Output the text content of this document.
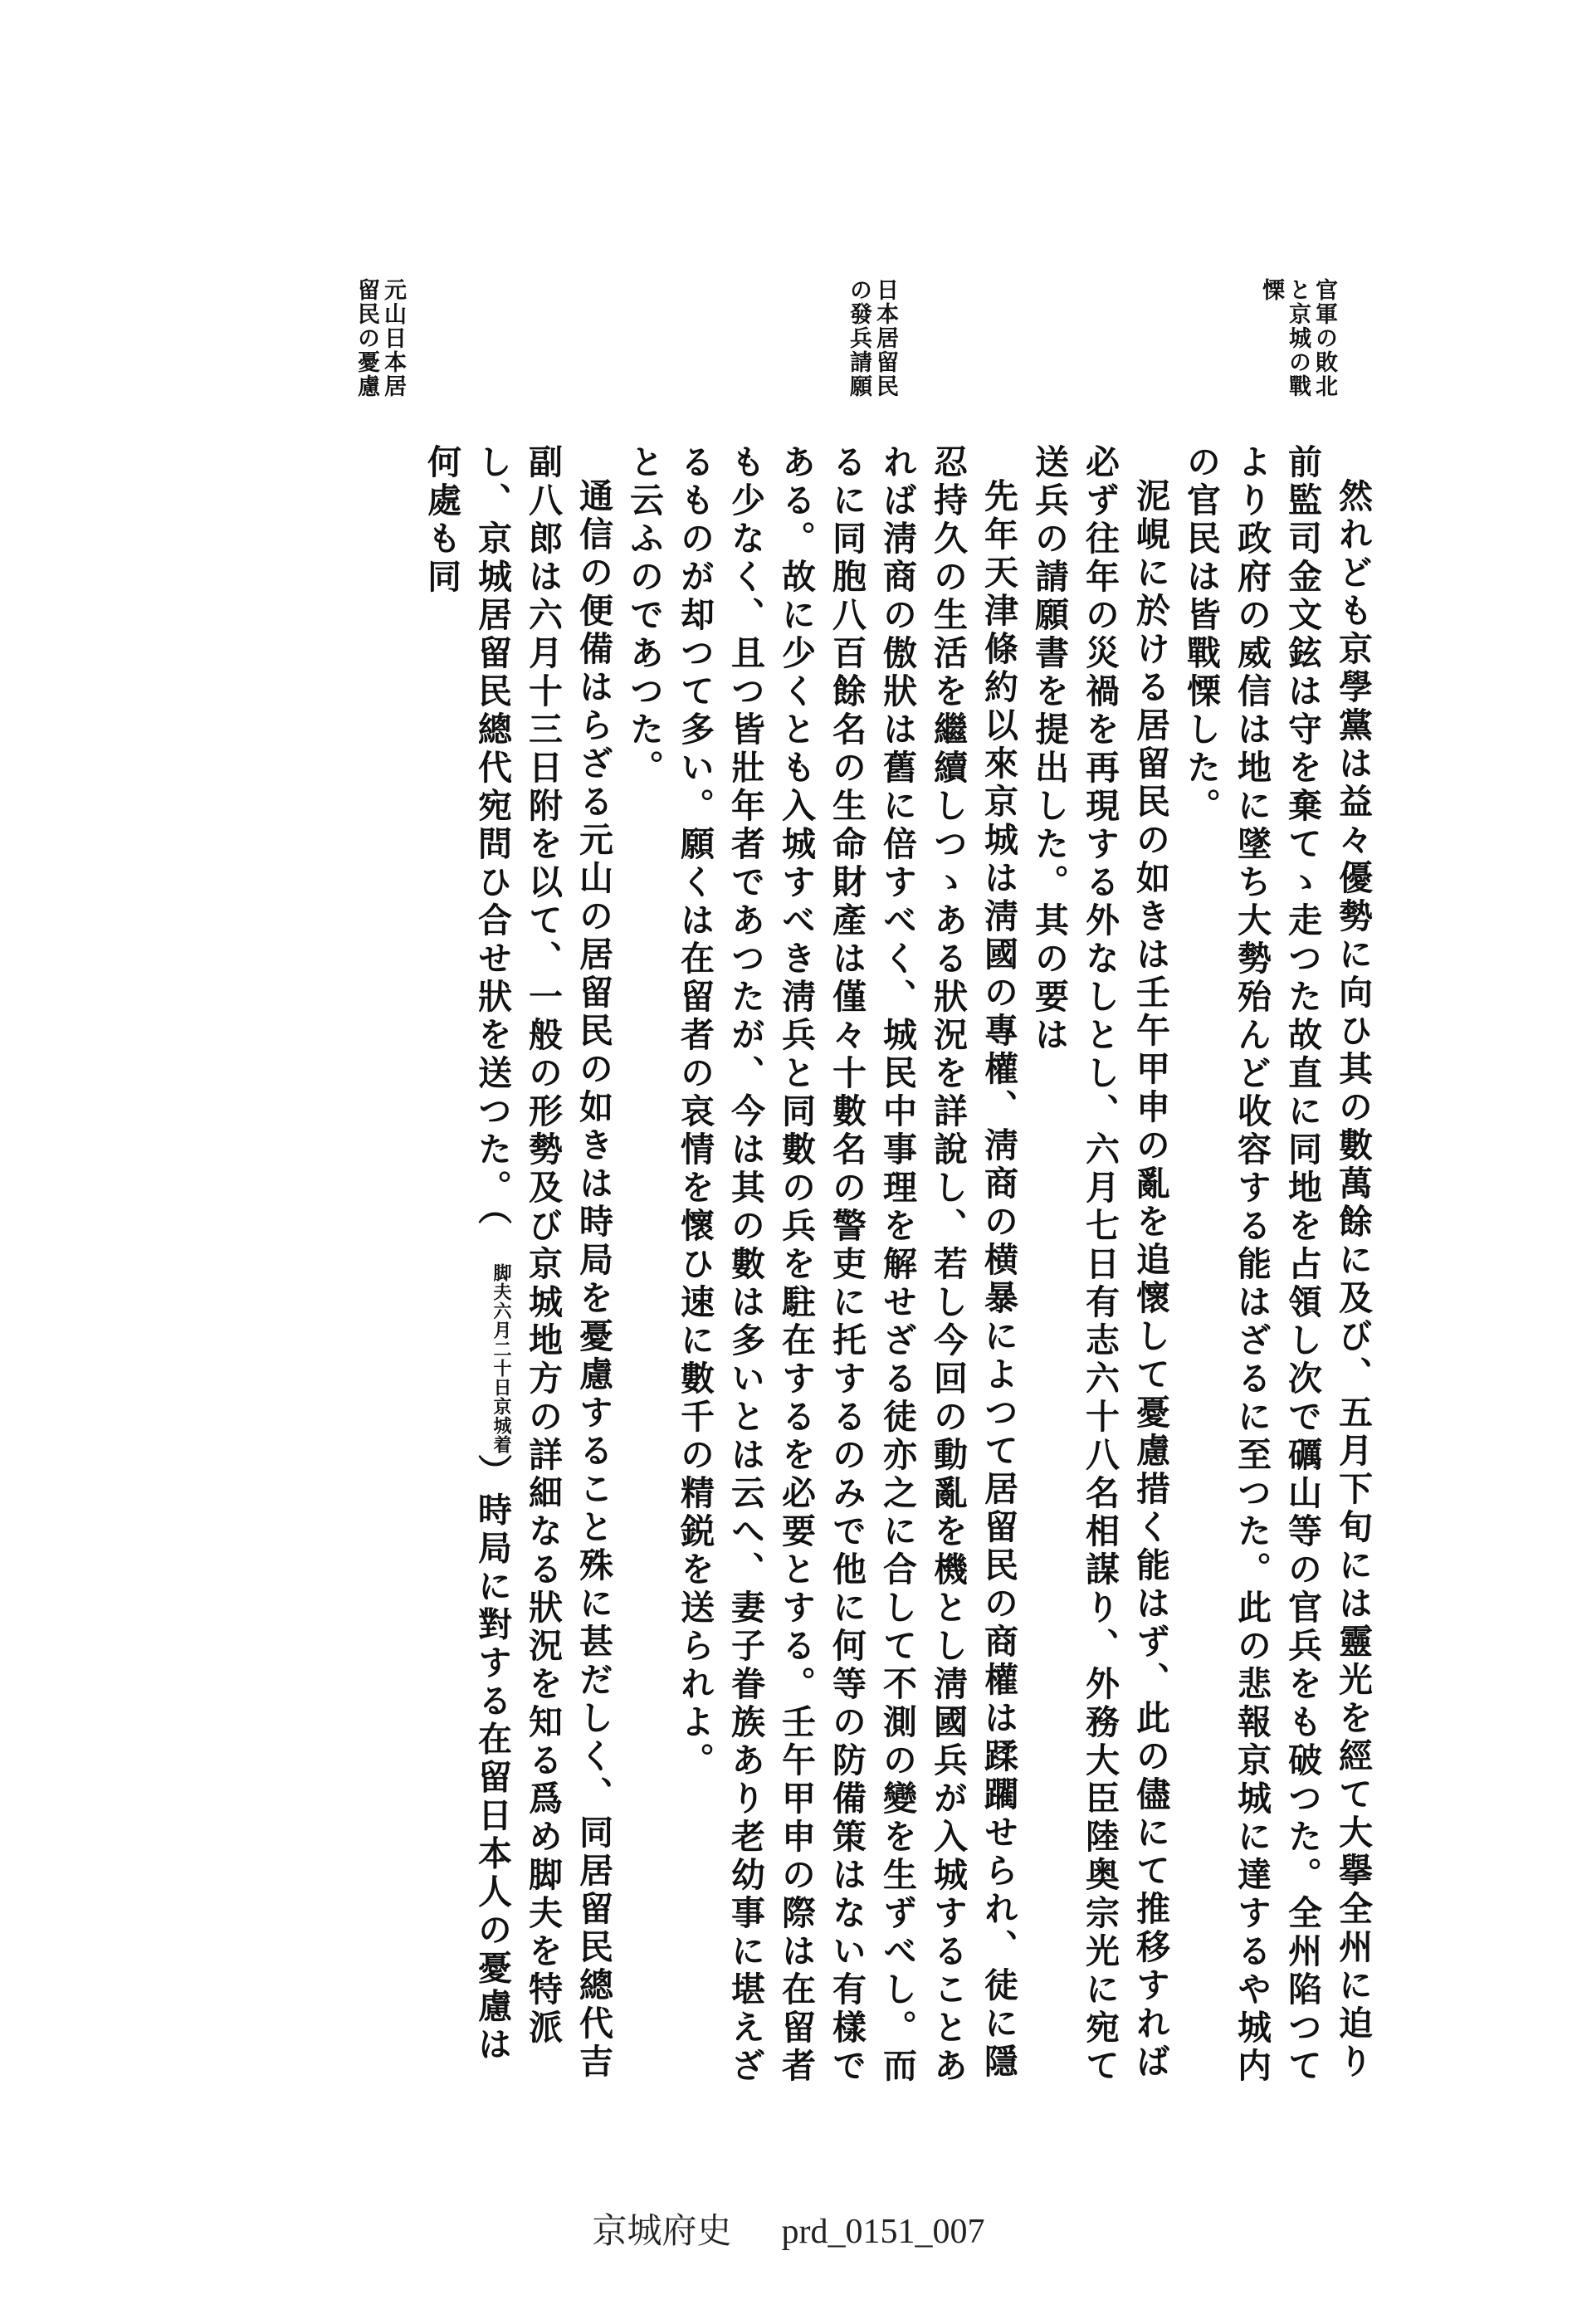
官軍の敗北
と京城の戰
慄
日本居留民
の發兵請願
元山日本居
留民の憂慮

然れども京學黨は益々優勢に向ひ其の數萬餘に及び、五月下旬には靈光を經て大擧全州に迫り前監司金文鉉は守を棄てゝ走つた故直に同地を占領し次で礪山等の官兵をも破つた。全州陷つてより政府の威信は地に墜ち大勢殆んど收容する能はざるに至つた。此の悲報京城に達するや城内の官民は皆戰慄した。

泥峴に於ける居留民の如きは壬午甲申の亂を追懷して憂慮措く能はず、此の儘にて推移すれば必ず往年の災禍を再現する外なしとし、六月七日有志六十八名相謀り、外務大臣陸奥宗光に宛て送兵の請願書を提出した。其の要は

先年天津條約以來京城は淸國の專權、淸商の横暴によつて居留民の商權は蹂躙せられ、徒に隱忍持久の生活を繼續しつゝある狀況を詳說し、若し今回の動亂を機とし淸國兵が入城することあれば淸商の傲狀は舊に倍すべく、城民中事理を解せざる徒亦之に合して不測の變を生ずべし。而るに同胞八百餘名の生命財產は僅々十數名の警吏に托するのみで他に何等の防備策はない有樣である。故に少くとも入城すべき淸兵と同數の兵を駐在するを必要とする。壬午甲申の際は在留者も少なく、且つ皆壯年者であつたが、今は其の數は多いとは云へ、妻子眷族あり老幼事に堪えざるものが却つて多い。願くは在留者の哀情を懷ひ速に數千の精鋭を送られよ。

と云ふのであつた。

通信の便備はらざる元山の居留民の如きは時局を憂慮すること殊に甚だしく、同居留民總代吉副八郎は六月十三日附を以て、一般の形勢及び京城地方の詳細なる狀況を知る爲め脚夫を特派し、京城居留民總代宛問ひ合せ狀を送つた。（脚夫六月二十日京城着）時局に對する在留日本人の憂慮は何處も同

京城府史 prd_0151_007
